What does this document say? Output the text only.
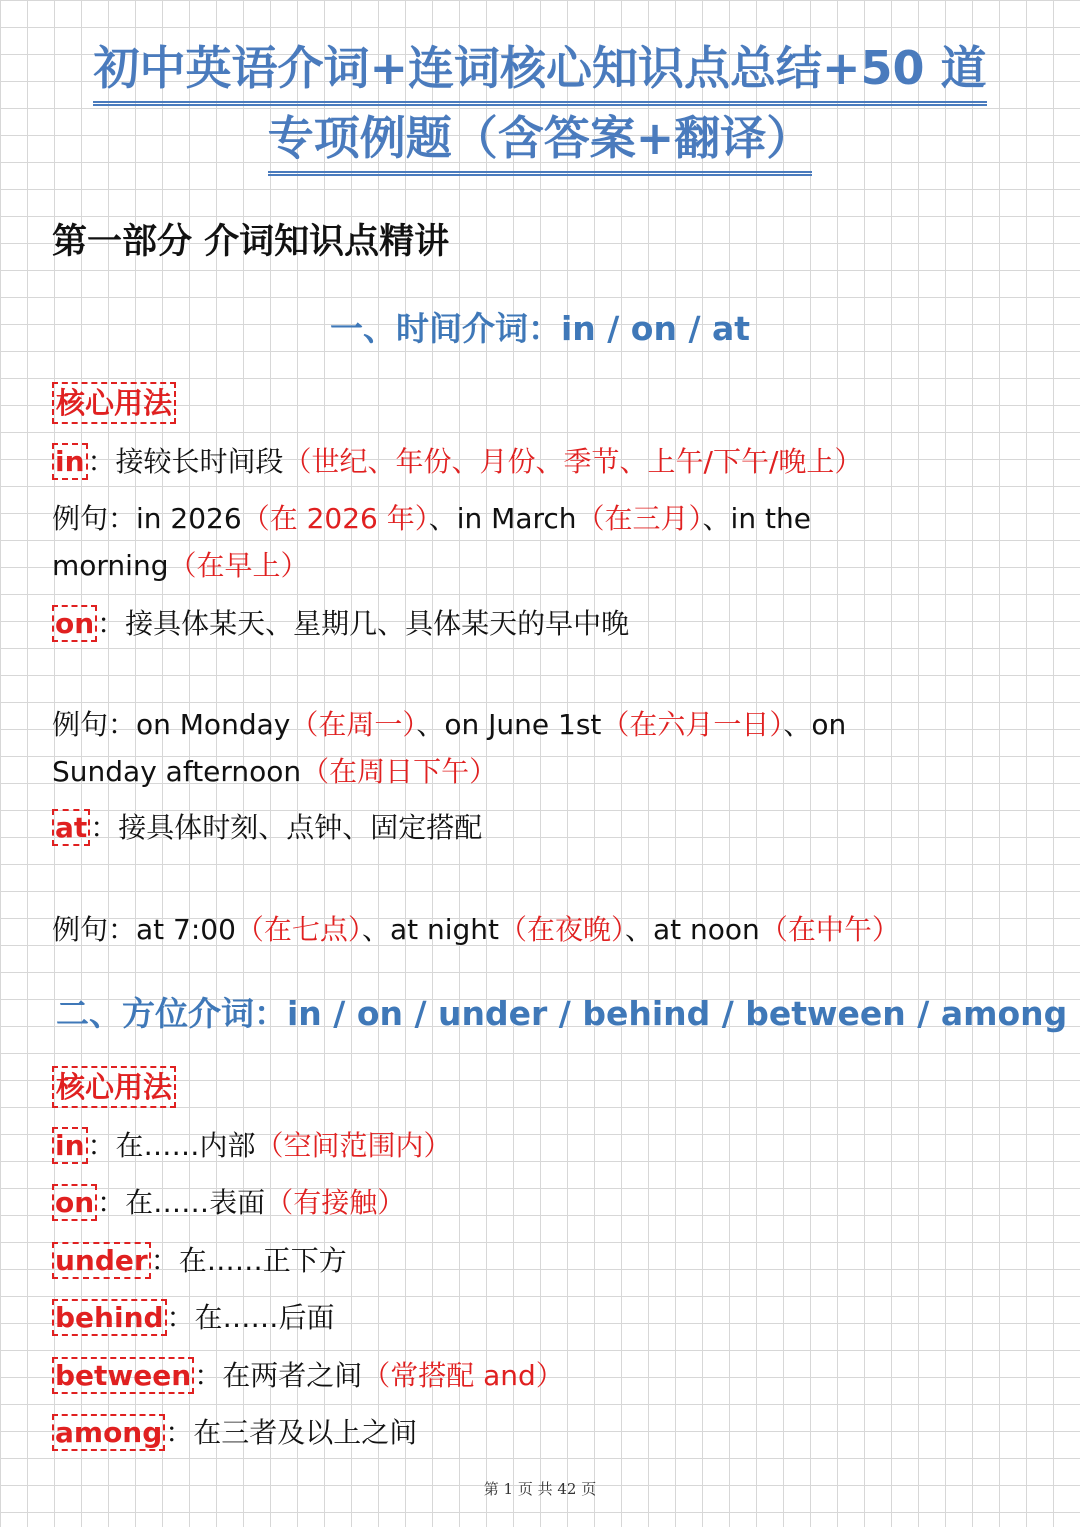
初中英语介词+连词核心知识点总结+50 道
专项例题（含答案+翻译）
第一部分 介词知识点精讲
一、时间介词：in / on / at
核心用法
in ：接较长时间段（世纪、年份、月份、季节、上午/下午/晚上）
例句：in 2026（在 2026 年）、in March（在三月）、in the
morning（在早上）
on ：接具体某天、星期几、具体某天的早中晚
例句：on Monday（在周一）、on June 1st（在六月一日）、on
Sunday afternoon（在周日下午）
at ：接具体时刻、点钟、固定搭配
例句：at 7:00（在七点）、at night（在夜晚）、at noon（在中午）
二、方位介词：in / on / under / behind / between / among
核心用法
in ：在……内部（空间范围内）
on ：在……表面（有接触）
under ：在……正下方
behind ：在……后面
between ：在两者之间（常搭配 and）
among ：在三者及以上之间
第 1 页 共 42 页
